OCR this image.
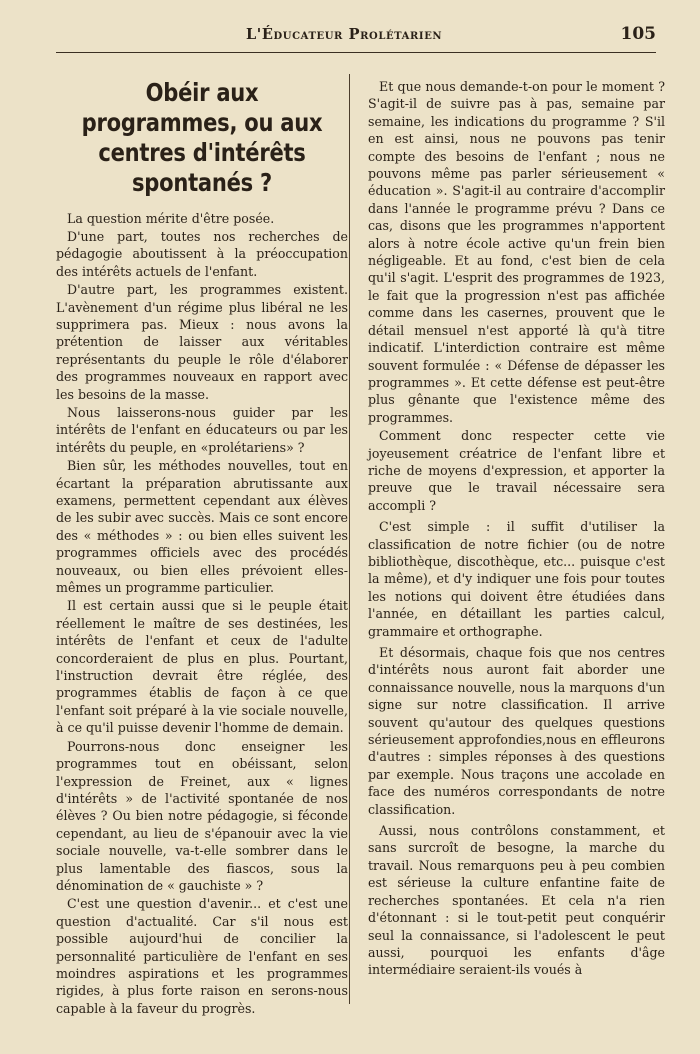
L'Éducateur Prolétarien	105
Obéir aux programmes, ou aux centres d'intérêts spontanés ?

La question mérite d'être posée.

D'une part, toutes nos recherches de pédagogie aboutissent à la préoccupation des intérêts actuels de l'enfant.

D'autre part, les programmes existent. L'avènement d'un régime plus libéral ne les supprimera pas. Mieux : nous avons la prétention de laisser aux véritables représentants du peuple le rôle d'élaborer des programmes nouveaux en rapport avec les besoins de la masse.

Nous laisserons-nous guider par les intérêts de l'enfant en éducateurs ou par les intérêts du peuple, en «prolétariens» ?

Bien sûr, les méthodes nouvelles, tout en écartant la préparation abrutissante aux examens, permettent cependant aux élèves de les subir avec succès. Mais ce sont encore des « méthodes » : ou bien elles suivent les programmes officiels avec des procédés nouveaux, ou bien elles prévoient elles-mêmes un programme particulier.

Il est certain aussi que si le peuple était réellement le maître de ses destinées, les intérêts de l'enfant et ceux de l'adulte concorderaient de plus en plus. Pourtant, l'instruction devrait être réglée, des programmes établis de façon à ce que l'enfant soit préparé à la vie sociale nouvelle, à ce qu'il puisse devenir l'homme de demain.

Pourrons-nous donc enseigner les programmes tout en obéissant, selon l'expression de Freinet, aux « lignes d'intérêts » de l'activité spontanée de nos élèves ? Ou bien notre pédagogie, si féconde cependant, au lieu de s'épanouir avec la vie sociale nouvelle, va-t-elle sombrer dans le plus lamentable des fiascos, sous la dénomination de « gauchiste » ?

C'est une question d'avenir... et c'est une question d'actualité. Car s'il nous est possible aujourd'hui de concilier la personnalité particulière de l'enfant en ses moindres aspirations et les programmes rigides, à plus forte raison en serons-nous capable à la faveur du progrès.

Et que nous demande-t-on pour le moment ? S'agit-il de suivre pas à pas, semaine par semaine, les indications du programme ? S'il en est ainsi, nous ne pouvons pas tenir compte des besoins de l'enfant ; nous ne pouvons même pas parler sérieusement « éducation ». S'agit-il au contraire d'accomplir dans l'année le programme prévu ? Dans ce cas, disons que les programmes n'apportent alors à notre école active qu'un frein bien négligeable. Et au fond, c'est bien de cela qu'il s'agit. L'esprit des programmes de 1923, le fait que la progression n'est pas affichée comme dans les casernes, prouvent que le détail mensuel n'est apporté là qu'à titre indicatif. L'interdiction contraire est même souvent formulée : « Défense de dépasser les programmes ». Et cette défense est peut-être plus gênante que l'existence même des programmes.

Comment donc respecter cette vie joyeusement créatrice de l'enfant libre et riche de moyens d'expression, et apporter la preuve que le travail nécessaire sera accompli ?

C'est simple : il suffit d'utiliser la classification de notre fichier (ou de notre bibliothèque, discothèque, etc... puisque c'est la même), et d'y indiquer une fois pour toutes les notions qui doivent être étudiées dans l'année, en détaillant les parties calcul, grammaire et orthographe.

Et désormais, chaque fois que nos centres d'intérêts nous auront fait aborder une connaissance nouvelle, nous la marquons d'un signe sur notre classification. Il arrive souvent qu'autour des quelques questions sérieusement approfondies,nous en effleurons d'autres : simples réponses à des questions par exemple. Nous traçons une accolade en face des numéros correspondants de notre classification.

Aussi, nous contrôlons constamment, et sans surcroît de besogne, la marche du travail. Nous remarquons peu à peu combien est sérieuse la culture enfantine faite de recherches spontanées. Et cela n'a rien d'étonnant : si le tout-petit peut conquérir seul la connaissance, si l'adolescent le peut aussi, pourquoi les enfants d'âge intermédiaire seraient-ils voués à
